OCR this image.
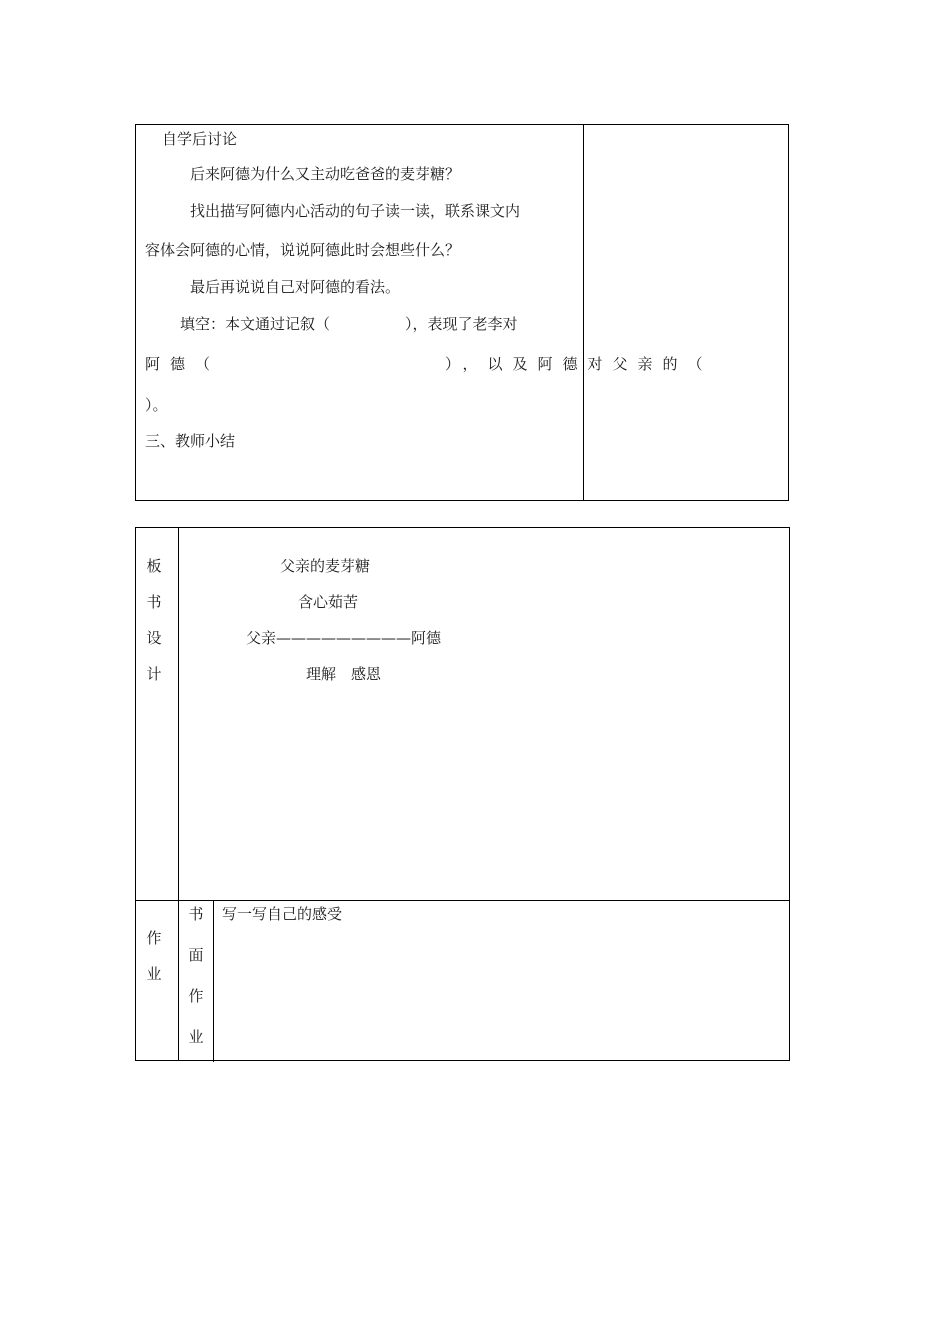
自学后讨论
后来阿德为什么又主动吃爸爸的麦芽糖？
找出描写阿德内心活动的句子读一读，联系课文内
容体会阿德的心情，说说阿德此时会想些什么？
最后再说说自己对阿德的看法。
填空：本文通过记叙（　　　　　），表现了老李对
阿德（　　　　　　　　　），以及阿德对父亲的（
）。
三、教师小结
板
书
设
计
父亲的麦芽糖
含心茹苦
父亲—————————阿德
理解　感恩
作
业
书
面
作
业
写一写自己的感受
